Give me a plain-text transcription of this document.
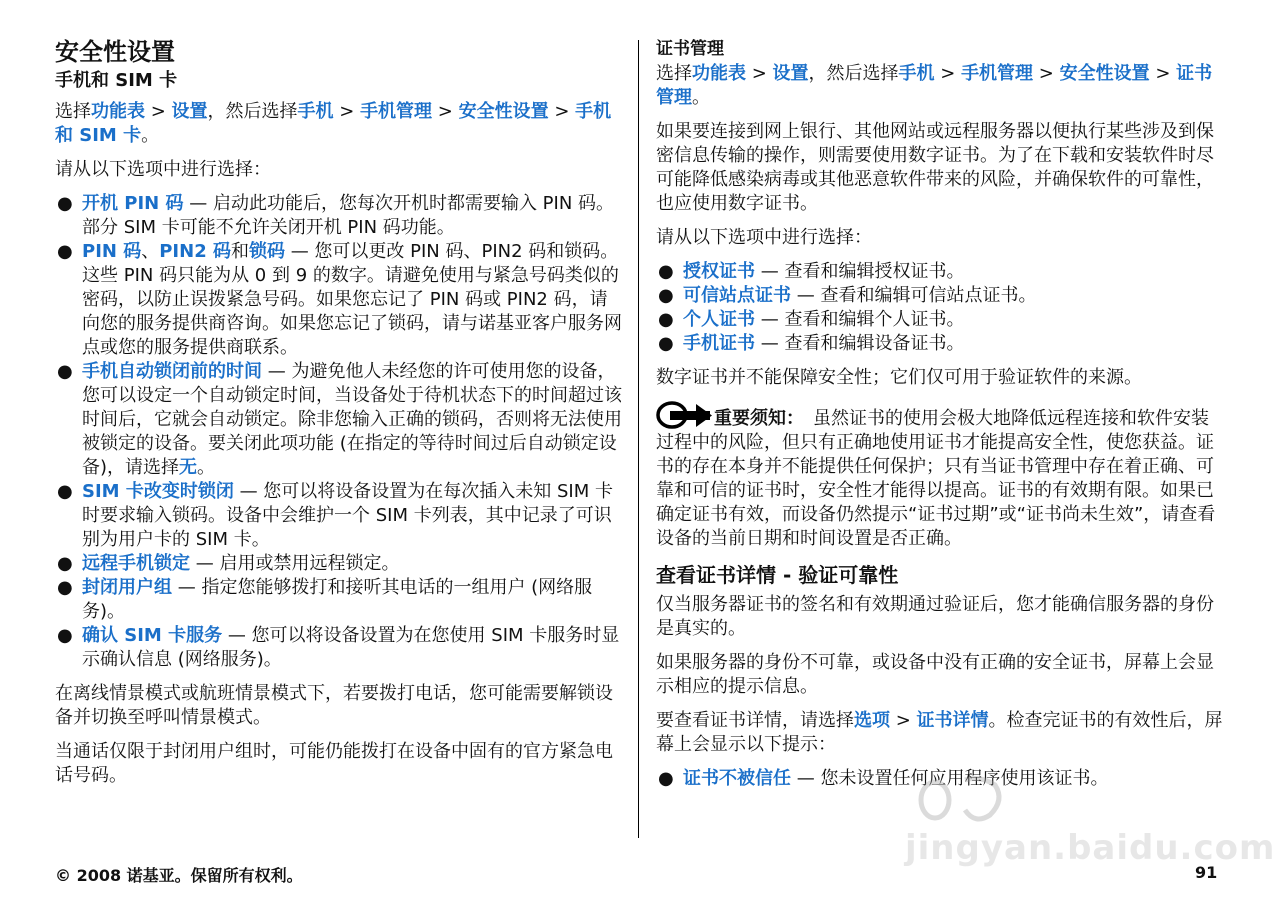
安全性设置
手机和 SIM 卡

选择功能表 > 设置，然后选择手机 > 手机管理 > 安全性设置 > 手机和 SIM 卡。

请从以下选项中进行选择：

● 开机 PIN 码 — 启动此功能后，您每次开机时都需要输入 PIN 码。部分 SIM 卡可能不允许关闭开机 PIN 码功能。
● PIN 码、PIN2 码和锁码 — 您可以更改 PIN 码、PIN2 码和锁码。这些 PIN 码只能为从 0 到 9 的数字。请避免使用与紧急号码类似的密码，以防止误拨紧急号码。如果您忘记了 PIN 码或 PIN2 码，请向您的服务提供商咨询。如果您忘记了锁码，请与诺基亚客户服务网点或您的服务提供商联系。
● 手机自动锁闭前的时间 — 为避免他人未经您的许可使用您的设备，您可以设定一个自动锁定时间，当设备处于待机状态下的时间超过该时间后，它就会自动锁定。除非您输入正确的锁码，否则将无法使用被锁定的设备。要关闭此项功能 (在指定的等待时间过后自动锁定设备)，请选择无。
● SIM 卡改变时锁闭 — 您可以将设备设置为在每次插入未知 SIM 卡时要求输入锁码。设备中会维护一个 SIM 卡列表，其中记录了可识别为用户卡的 SIM 卡。
● 远程手机锁定 — 启用或禁用远程锁定。
● 封闭用户组 — 指定您能够拨打和接听其电话的一组用户 (网络服务)。
● 确认 SIM 卡服务 — 您可以将设备设置为在您使用 SIM 卡服务时显示确认信息 (网络服务)。

在离线情景模式或航班情景模式下，若要拨打电话，您可能需要解锁设备并切换至呼叫情景模式。

当通话仅限于封闭用户组时，可能仍能拨打在设备中固有的官方紧急电话号码。

证书管理

选择功能表 > 设置，然后选择手机 > 手机管理 > 安全性设置 > 证书管理。

如果要连接到网上银行、其他网站或远程服务器以便执行某些涉及到保密信息传输的操作，则需要使用数字证书。为了在下载和安装软件时尽可能降低感染病毒或其他恶意软件带来的风险，并确保软件的可靠性，也应使用数字证书。

请从以下选项中进行选择：

● 授权证书 — 查看和编辑授权证书。
● 可信站点证书 — 查看和编辑可信站点证书。
● 个人证书 — 查看和编辑个人证书。
● 手机证书 — 查看和编辑设备证书。

数字证书并不能保障安全性；它们仅可用于验证软件的来源。

重要须知：　虽然证书的使用会极大地降低远程连接和软件安装过程中的风险，但只有正确地使用证书才能提高安全性，使您获益。证书的存在本身并不能提供任何保护；只有当证书管理中存在着正确、可靠和可信的证书时，安全性才能得以提高。证书的有效期有限。如果已确定证书有效，而设备仍然提示“证书过期”或“证书尚未生效”，请查看设备的当前日期和时间设置是否正确。

查看证书详情 - 验证可靠性

仅当服务器证书的签名和有效期通过验证后，您才能确信服务器的身份是真实的。

如果服务器的身份不可靠，或设备中没有正确的安全证书，屏幕上会显示相应的提示信息。

要查看证书详情，请选择选项 > 证书详情。检查完证书的有效性后，屏幕上会显示以下提示：

● 证书不被信任 — 您未设置任何应用程序使用该证书。
jingyan.baidu.com
© 2008 诺基亚。保留所有权利。	91
